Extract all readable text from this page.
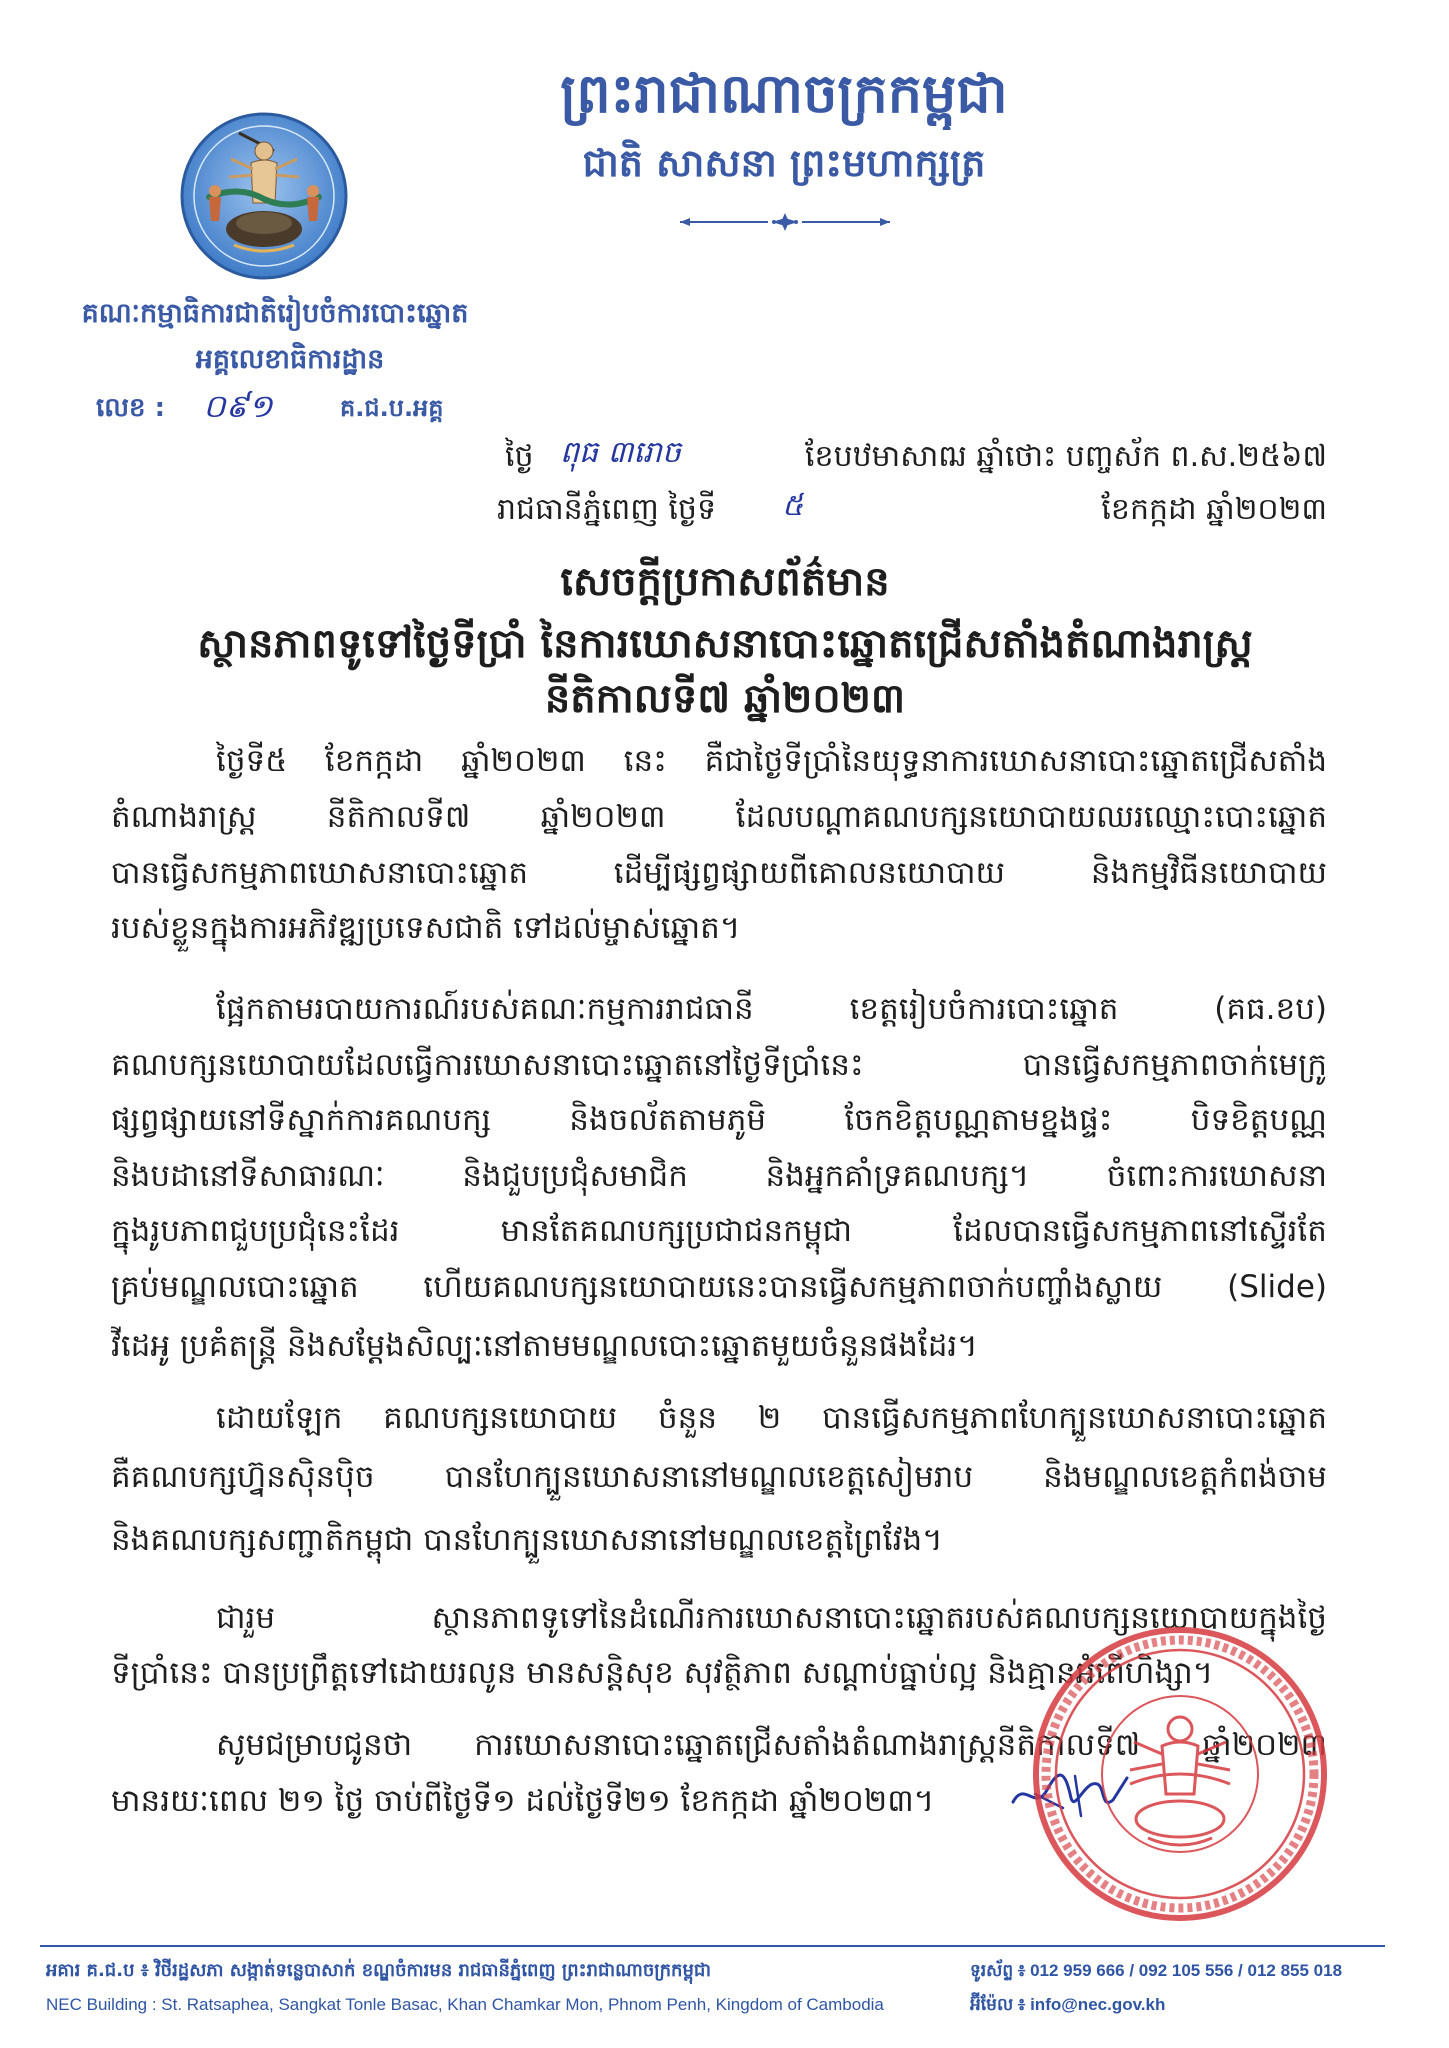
ព្រះរាជាណាចក្រកម្ពុជា
ជាតិ សាសនា ព្រះមហាក្សត្រ
គណៈកម្មាធិការជាតិរៀបចំការបោះឆ្នោត
អគ្គលេខាធិការដ្ឋាន
លេខ :	០៩១	គ.ជ.ប.អគ្គ
ថ្ងៃ ពុធ ៣រោច	ខែបឋមាសាឍ ឆ្នាំថោះ បញ្ចស័ក ព.ស.២៥៦៧
រាជធានីភ្នំពេញ ថ្ងៃទី	៥	ខែកក្កដា ឆ្នាំ២០២៣
សេចក្តីប្រកាសព័ត៌មាន
ស្ថានភាពទូទៅថ្ងៃទីប្រាំ នៃការឃោសនាបោះឆ្នោតជ្រើសតាំងតំណាងរាស្ត្រ
នីតិកាលទី៧ ឆ្នាំ២០២៣
ថ្ងៃទី៥ ខែកក្កដា ឆ្នាំ២០២៣ នេះ គឺជាថ្ងៃទីប្រាំនៃយុទ្ធនាការឃោសនាបោះឆ្នោតជ្រើសតាំង
តំណាងរាស្ត្រ នីតិកាលទី៧ ឆ្នាំ២០២៣ ដែលបណ្តាគណបក្សនយោបាយឈរឈ្មោះបោះឆ្នោត
បានធ្វើសកម្មភាពឃោសនាបោះឆ្នោត ដើម្បីផ្សព្វផ្សាយពីគោលនយោបាយ និងកម្មវិធីនយោបាយ
របស់ខ្លួនក្នុងការអភិវឌ្ឍប្រទេសជាតិ ទៅដល់ម្ចាស់ឆ្នោត។
ផ្អែកតាមរបាយការណ៍របស់គណៈកម្មការរាជធានី ខេត្តរៀបចំការបោះឆ្នោត (គធ.ខប)
គណបក្សនយោបាយដែលធ្វើការឃោសនាបោះឆ្នោតនៅថ្ងៃទីប្រាំនេះ បានធ្វើសកម្មភាពចាក់មេក្រូ
ផ្សព្វផ្សាយនៅទីស្នាក់ការគណបក្ស និងចល័តតាមភូមិ ចែកខិត្តបណ្ណតាមខ្នងផ្ទះ បិទខិត្តបណ្ណ
និងបដានៅទីសាធារណៈ និងជួបប្រជុំសមាជិក និងអ្នកគាំទ្រគណបក្ស។ ចំពោះការឃោសនា
ក្នុងរូបភាពជួបប្រជុំនេះដែរ មានតែគណបក្សប្រជាជនកម្ពុជា ដែលបានធ្វើសកម្មភាពនៅស្ទើរតែ
គ្រប់មណ្ឌលបោះឆ្នោត ហើយគណបក្សនយោបាយនេះបានធ្វើសកម្មភាពចាក់បញ្ចាំងស្លាយ (Slide)
វីដេអូ ប្រគំតន្ត្រី និងសម្តែងសិល្បៈនៅតាមមណ្ឌលបោះឆ្នោតមួយចំនួនផងដែរ។
ដោយឡែក គណបក្សនយោបាយ ចំនួន ២ បានធ្វើសកម្មភាពហែក្បួនឃោសនាបោះឆ្នោត
គឺគណបក្សហ្វ៊ុនស៊ិនប៉ិច បានហែក្បួនឃោសនានៅមណ្ឌលខេត្តសៀមរាប និងមណ្ឌលខេត្តកំពង់ចាម
និងគណបក្សសញ្ជាតិកម្ពុជា បានហែក្បួនឃោសនានៅមណ្ឌលខេត្តព្រៃវែង។
ជារួម ស្ថានភាពទូទៅនៃដំណើរការឃោសនាបោះឆ្នោតរបស់គណបក្សនយោបាយក្នុងថ្ងៃ
ទីប្រាំនេះ បានប្រព្រឹត្តទៅដោយរលូន មានសន្តិសុខ សុវត្ថិភាព សណ្តាប់ធ្នាប់ល្អ និងគ្មានអំពើហិង្សា។
សូមជម្រាបជូនថា ការឃោសនាបោះឆ្នោតជ្រើសតាំងតំណាងរាស្ត្រនីតិកាលទី៧ ឆ្នាំ២០២៣
មានរយៈពេល ២១ ថ្ងៃ ចាប់ពីថ្ងៃទី១ ដល់ថ្ងៃទី២១ ខែកក្កដា ឆ្នាំ២០២៣។
អគារ គ.ជ.ប ៖ វិថីរដ្ឋសភា សង្កាត់ទន្លេបាសាក់ ខណ្ឌចំការមន រាជធានីភ្នំពេញ ព្រះរាជាណាចក្រកម្ពុជា
NEC Building : St. Ratsaphea, Sangkat Tonle Basac, Khan Chamkar Mon, Phnom Penh, Kingdom of Cambodia
ទូរស័ព្ទ ៖ 012 959 666 / 092 105 556 / 012 855 018
អ៊ីម៉ែល ៖ info@nec.gov.kh
